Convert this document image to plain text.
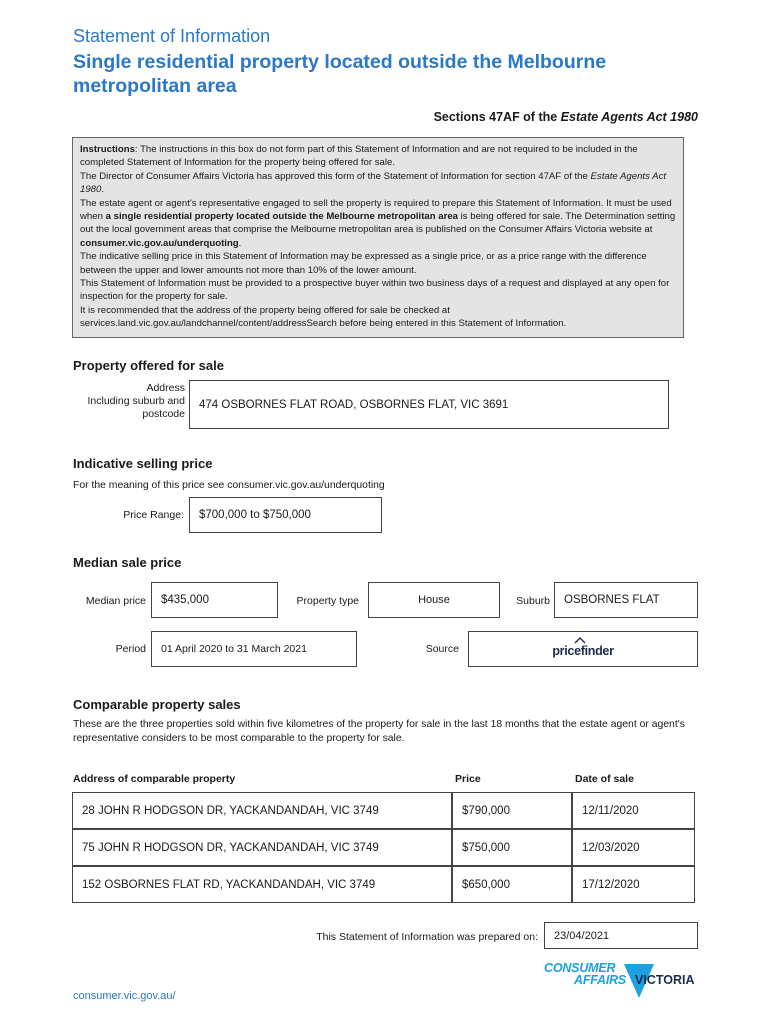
Statement of Information
Single residential property located outside the Melbourne metropolitan area
Sections 47AF of the Estate Agents Act 1980

Instructions: The instructions in this box do not form part of this Statement of Information and are not required to be included in the completed Statement of Information for the property being offered for sale.

The Director of Consumer Affairs Victoria has approved this form of the Statement of Information for section 47AF of the Estate Agents Act 1980.

The estate agent or agent's representative engaged to sell the property is required to prepare this Statement of Information. It must be used when a single residential property located outside the Melbourne metropolitan area is being offered for sale. The Determination setting out the local government areas that comprise the Melbourne metropolitan area is published on the Consumer Affairs Victoria website at consumer.vic.gov.au/underquoting.

The indicative selling price in this Statement of Information may be expressed as a single price, or as a price range with the difference between the upper and lower amounts not more than 10% of the lower amount.

This Statement of Information must be provided to a prospective buyer within two business days of a request and displayed at any open for inspection for the property for sale.

It is recommended that the address of the property being offered for sale be checked at services.land.vic.gov.au/landchannel/content/addressSearch before being entered in this Statement of Information.

Property offered for sale
Address
Including suburb and
postcode
474 OSBORNES FLAT ROAD, OSBORNES FLAT, VIC 3691
Indicative selling price
For the meaning of this price see consumer.vic.gov.au/underquoting
Price Range:	$700,000 to $750,000
Median sale price
Median price	$435,000	Property type	House	Suburb	OSBORNES FLAT
Period	01 April 2020 to 31 March 2021	Source	pricefinder
Comparable property sales
These are the three properties sold within five kilometres of the property for sale in the last 18 months that the estate agent or agent's representative considers to be most comparable to the property for sale.
Address of comparable property	Price	Date of sale
28 JOHN R HODGSON DR, YACKANDANDAH, VIC 3749	$790,000	12/11/2020
75 JOHN R HODGSON DR, YACKANDANDAH, VIC 3749	$750,000	12/03/2020
152 OSBORNES FLAT RD, YACKANDANDAH, VIC 3749	$650,000	17/12/2020
This Statement of Information was prepared on:	23/04/2021
consumer.vic.gov.au/
CONSUMER
AFFAIRS VICTORIA
